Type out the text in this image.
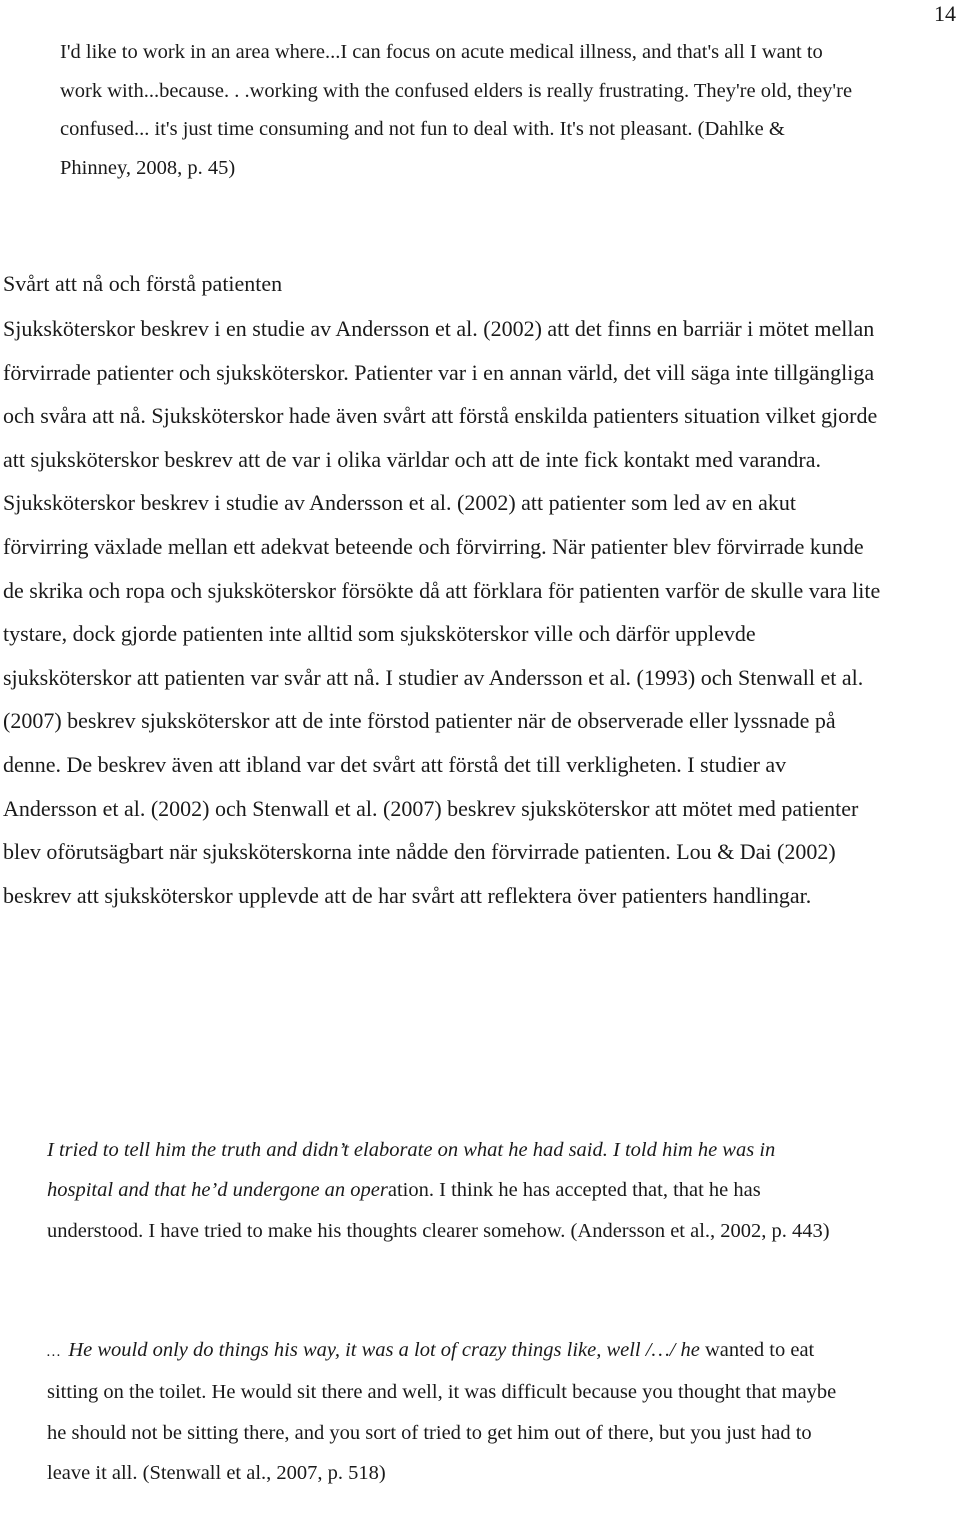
14
I'd like to work in an area where...I can focus on acute medical illness, and that's all I want to work with...because. . .working with the confused elders is really frustrating. They're old, they're confused... it's just time consuming and not fun to deal with. It's not pleasant. (Dahlke & Phinney, 2008, p. 45)
Svårt att nå och förstå patienten
Sjuksköterskor beskrev i en studie av Andersson et al. (2002) att det finns en barriär i mötet mellan förvirrade patienter och sjuksköterskor. Patienter var i en annan värld, det vill säga inte tillgängliga och svåra att nå. Sjuksköterskor hade även svårt att förstå enskilda patienters situation vilket gjorde att sjuksköterskor beskrev att de var i olika världar och att de inte fick kontakt med varandra. Sjuksköterskor beskrev i studie av Andersson et al. (2002) att patienter som led av en akut förvirring växlade mellan ett adekvat beteende och förvirring. När patienter blev förvirrade kunde de skrika och ropa och sjuksköterskor försökte då att förklara för patienten varför de skulle vara lite tystare, dock gjorde patienten inte alltid som sjuksköterskor ville och därför upplevde sjuksköterskor att patienten var svår att nå. I studier av Andersson et al. (1993) och Stenwall et al. (2007) beskrev sjuksköterskor att de inte förstod patienter när de observerade eller lyssnade på denne. De beskrev även att ibland var det svårt att förstå det till verkligheten. I studier av Andersson et al. (2002) och Stenwall et al. (2007) beskrev sjuksköterskor att mötet med patienter blev oförutsägbart när sjuksköterskorna inte nådde den förvirrade patienten. Lou & Dai (2002) beskrev att sjuksköterskor upplevde att de har svårt att reflektera över patienters handlingar.
I tried to tell him the truth and didn’t elaborate on what he had said. I told him he was in hospital and that he’d undergone an operation. I think he has accepted that, that he has understood. I have tried to make his thoughts clearer somehow. (Andersson et al., 2002, p. 443)
… He would only do things his way, it was a lot of crazy things like, well /…/ he wanted to eat sitting on the toilet. He would sit there and well, it was difficult because you thought that maybe he should not be sitting there, and you sort of tried to get him out of there, but you just had to leave it all. (Stenwall et al., 2007, p. 518)
